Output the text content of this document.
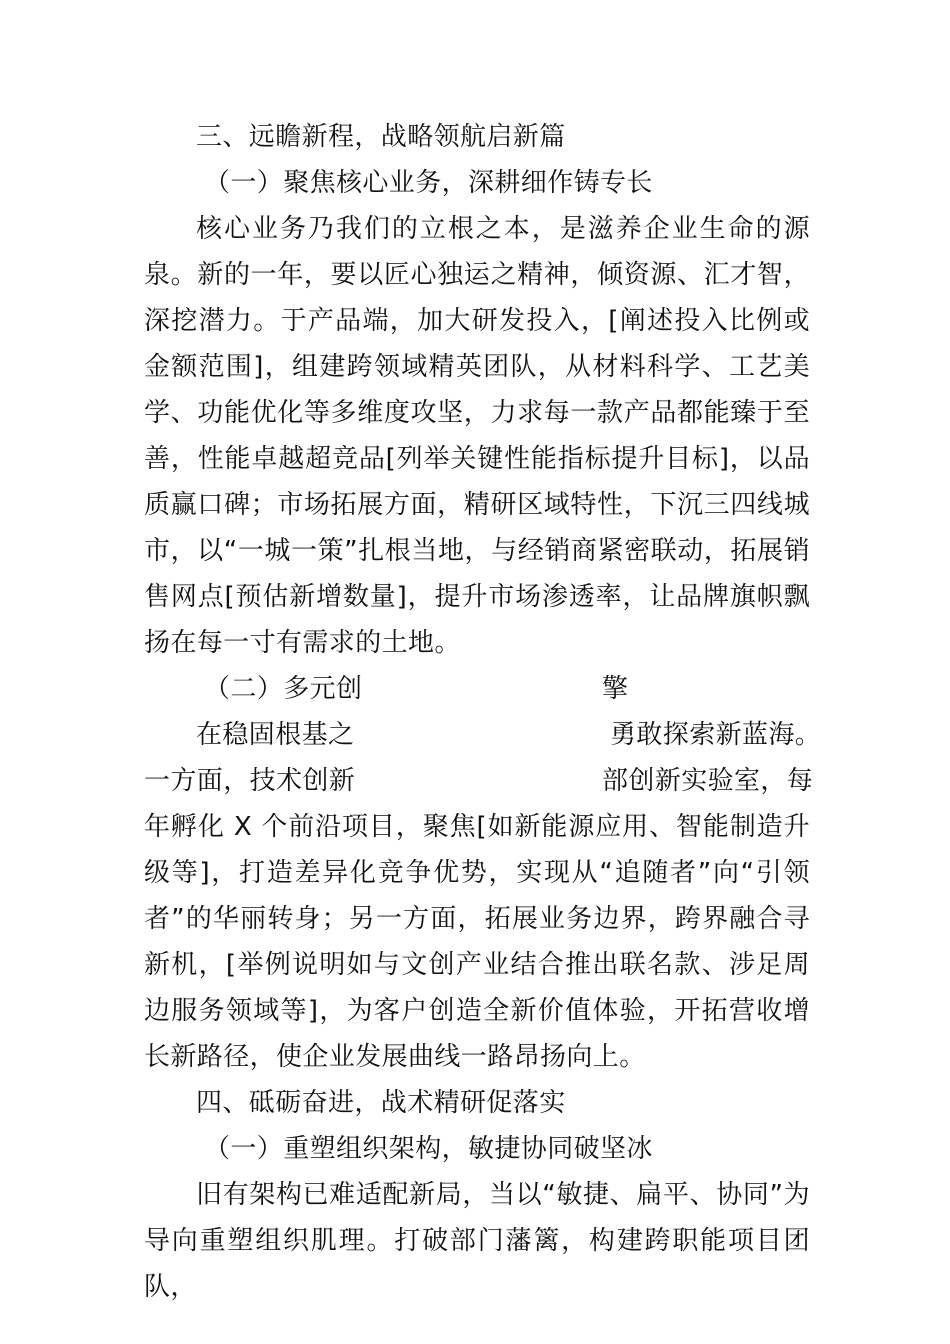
三、远瞻新程，战略领航启新篇

（一）聚焦核心业务，深耕细作铸专长

核心业务乃我们的立根之本，是滋养企业生命的源泉。新的一年，要以匠心独运之精神，倾资源、汇才智，深挖潜力。于产品端，加大研发投入，[阐述投入比例或金额范围]，组建跨领域精英团队，从材料科学、工艺美学、功能优化等多维度攻坚，力求每一款产品都能臻于至善，性能卓越超竞品[列举关键性能指标提升目标]，以品质赢口碑；市场拓展方面，精研区域特性，下沉三四线城市，以“一城一策”扎根当地，与经销商紧密联动，拓展销售网点[预估新增数量]，提升市场渗透率，让品牌旗帜飘扬在每一寸有需求的土地。

（二）多元创	擎
在稳固根基之	勇敢探索新蓝海。
一方面，技术创新	部创新实验室，每

年孵化 X 个前沿项目，聚焦[如新能源应用、智能制造升级等]，打造差异化竞争优势，实现从“追随者”向“引领者”的华丽转身；另一方面，拓展业务边界，跨界融合寻新机，[举例说明如与文创产业结合推出联名款、涉足周边服务领域等]，为客户创造全新价值体验，开拓营收增长新路径，使企业发展曲线一路昂扬向上。

四、砥砺奋进，战术精研促落实

（一）重塑组织架构，敏捷协同破坚冰

旧有架构已难适配新局，当以“敏捷、扁平、协同”为导向重塑组织肌理。打破部门藩篱，构建跨职能项目团队，
